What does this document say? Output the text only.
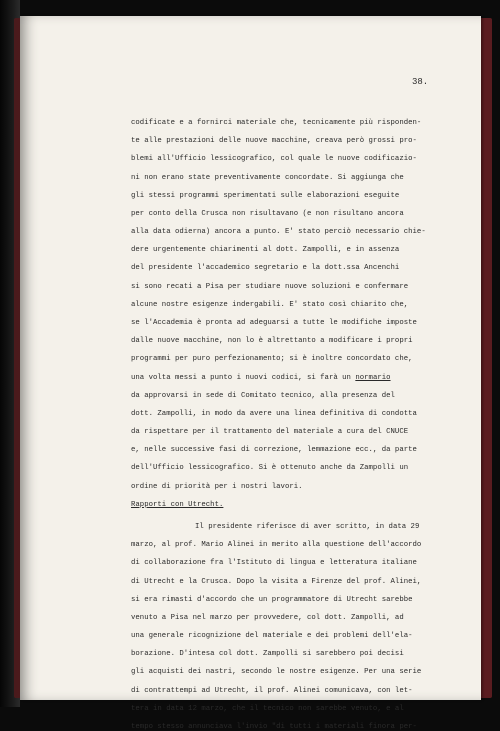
38.
codificate e a fornirci materiale che, tecnicamente più risponden-
te alle prestazioni delle nuove macchine, creava però grossi pro-
blemi all'Ufficio lessicografico, col quale le nuove codificazio-
ni non erano state preventivamente concordate. Si aggiunga che
gli stessi programmi sperimentati sulle elaborazioni eseguite
per conto della Crusca non risultavano (e non risultano ancora
alla data odierna) ancora a punto. E' stato perciò necessario chie-
dere urgentemente chiarimenti al dott. Zampolli, e in assenza
del presidente l'accademico segretario e la dott.ssa Ancenchi
si sono recati a Pisa per studiare nuove soluzioni e confermare
alcune nostre esigenze indergabili. E' stato così chiarito che,
se l'Accademia è pronta ad adeguarsi a tutte le modifiche imposte
dalle nuove macchine, non lo è altrettanto a modificare i propri
programmi per puro perfezionamento; si è inoltre concordato che,
una volta messi a punto i nuovi codici, si farà un normario
da approvarsi in sede di Comitato tecnico, alla presenza del
dott. Zampolli, in modo da avere una linea definitiva di condotta
da rispettare per il trattamento del materiale a cura del CNUCE
e, nelle successive fasi di correzione, lemmazione ecc., da parte
dell'Ufficio lessicografico. Si è ottenuto anche da Zampolli un
ordine di priorità per i nostri lavori.
Rapporti con Utrecht.
Il presidente riferisce di aver scritto, in data 29
marzo, al prof. Mario Alinei in merito alla questione dell'accordo
di collaborazione fra l'Istituto di lingua e letteratura italiane
di Utrecht e la Crusca. Dopo la visita a Firenze del prof. Alinei,
si era rimasti d'accordo che un programmatore di Utrecht sarebbe
venuto a Pisa nel marzo per provvedere, col dott. Zampolli, ad
una generale ricognizione del materiale e dei problemi dell'ela-
borazione. D'intesa col dott. Zampolli si sarebbero poi decisi
gli acquisti dei nastri, secondo le nostre esigenze. Per una serie
di contrattempi ad Utrecht, il prof. Alinei comunicava, con let-
tera in data 12 marzo, che il tecnico non sarebbe venuto, e al
tempo stesso annunciava l'invio "di tutti i materiali finora per-
